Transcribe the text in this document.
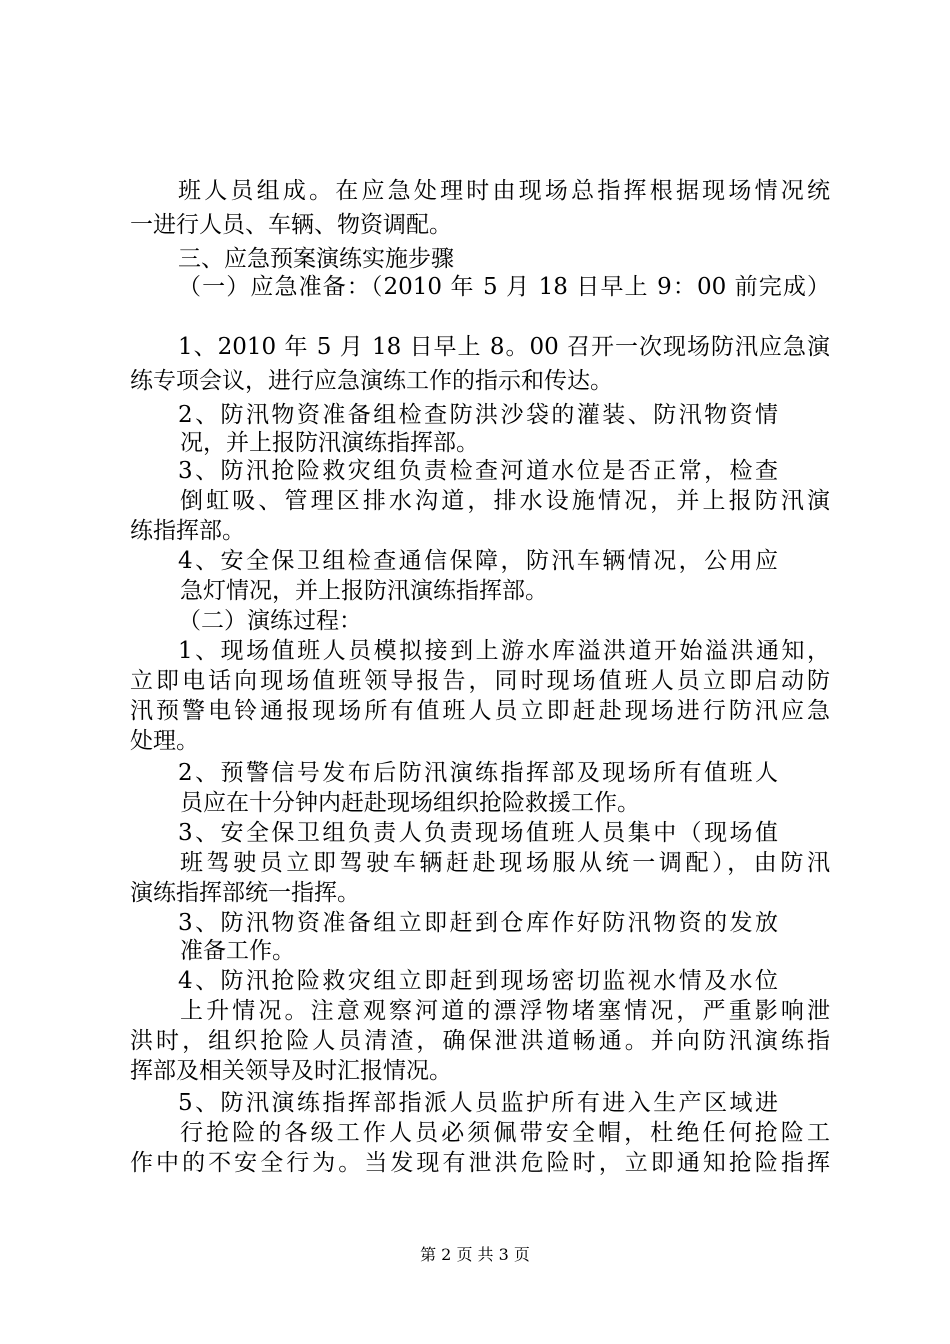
班人员组成。在应急处理时由现场总指挥根据现场情况统
一进行人员、车辆、物资调配。
三、应急预案演练实施步骤
（一）应急准备：（2010 年 5 月 18 日早上 9：00 前完成）
1、2010 年 5 月 18 日早上 8。00 召开一次现场防汛应急演
练专项会议，进行应急演练工作的指示和传达。
2、防汛物资准备组检查防洪沙袋的灌装、防汛物资情
况，并上报防汛演练指挥部。
3、防汛抢险救灾组负责检查河道水位是否正常，检查
倒虹吸、管理区排水沟道，排水设施情况，并上报防汛演
练指挥部。
4、安全保卫组检查通信保障，防汛车辆情况，公用应
急灯情况，并上报防汛演练指挥部。
（二）演练过程：
1、现场值班人员模拟接到上游水库溢洪道开始溢洪通知，
立即电话向现场值班领导报告，同时现场值班人员立即启动防
汛预警电铃通报现场所有值班人员立即赶赴现场进行防汛应急
处理。
2、预警信号发布后防汛演练指挥部及现场所有值班人
员应在十分钟内赶赴现场组织抢险救援工作。
3、安全保卫组负责人负责现场值班人员集中（现场值
班驾驶员立即驾驶车辆赶赴现场服从统一调配），由防汛
演练指挥部统一指挥。
3、防汛物资准备组立即赶到仓库作好防汛物资的发放
准备工作。
4、防汛抢险救灾组立即赶到现场密切监视水情及水位
上升情况。注意观察河道的漂浮物堵塞情况，严重影响泄
洪时，组织抢险人员清渣，确保泄洪道畅通。并向防汛演练指
挥部及相关领导及时汇报情况。
5、防汛演练指挥部指派人员监护所有进入生产区域进
行抢险的各级工作人员必须佩带安全帽，杜绝任何抢险工
作中的不安全行为。当发现有泄洪危险时，立即通知抢险指挥
第 2 页 共 3 页
